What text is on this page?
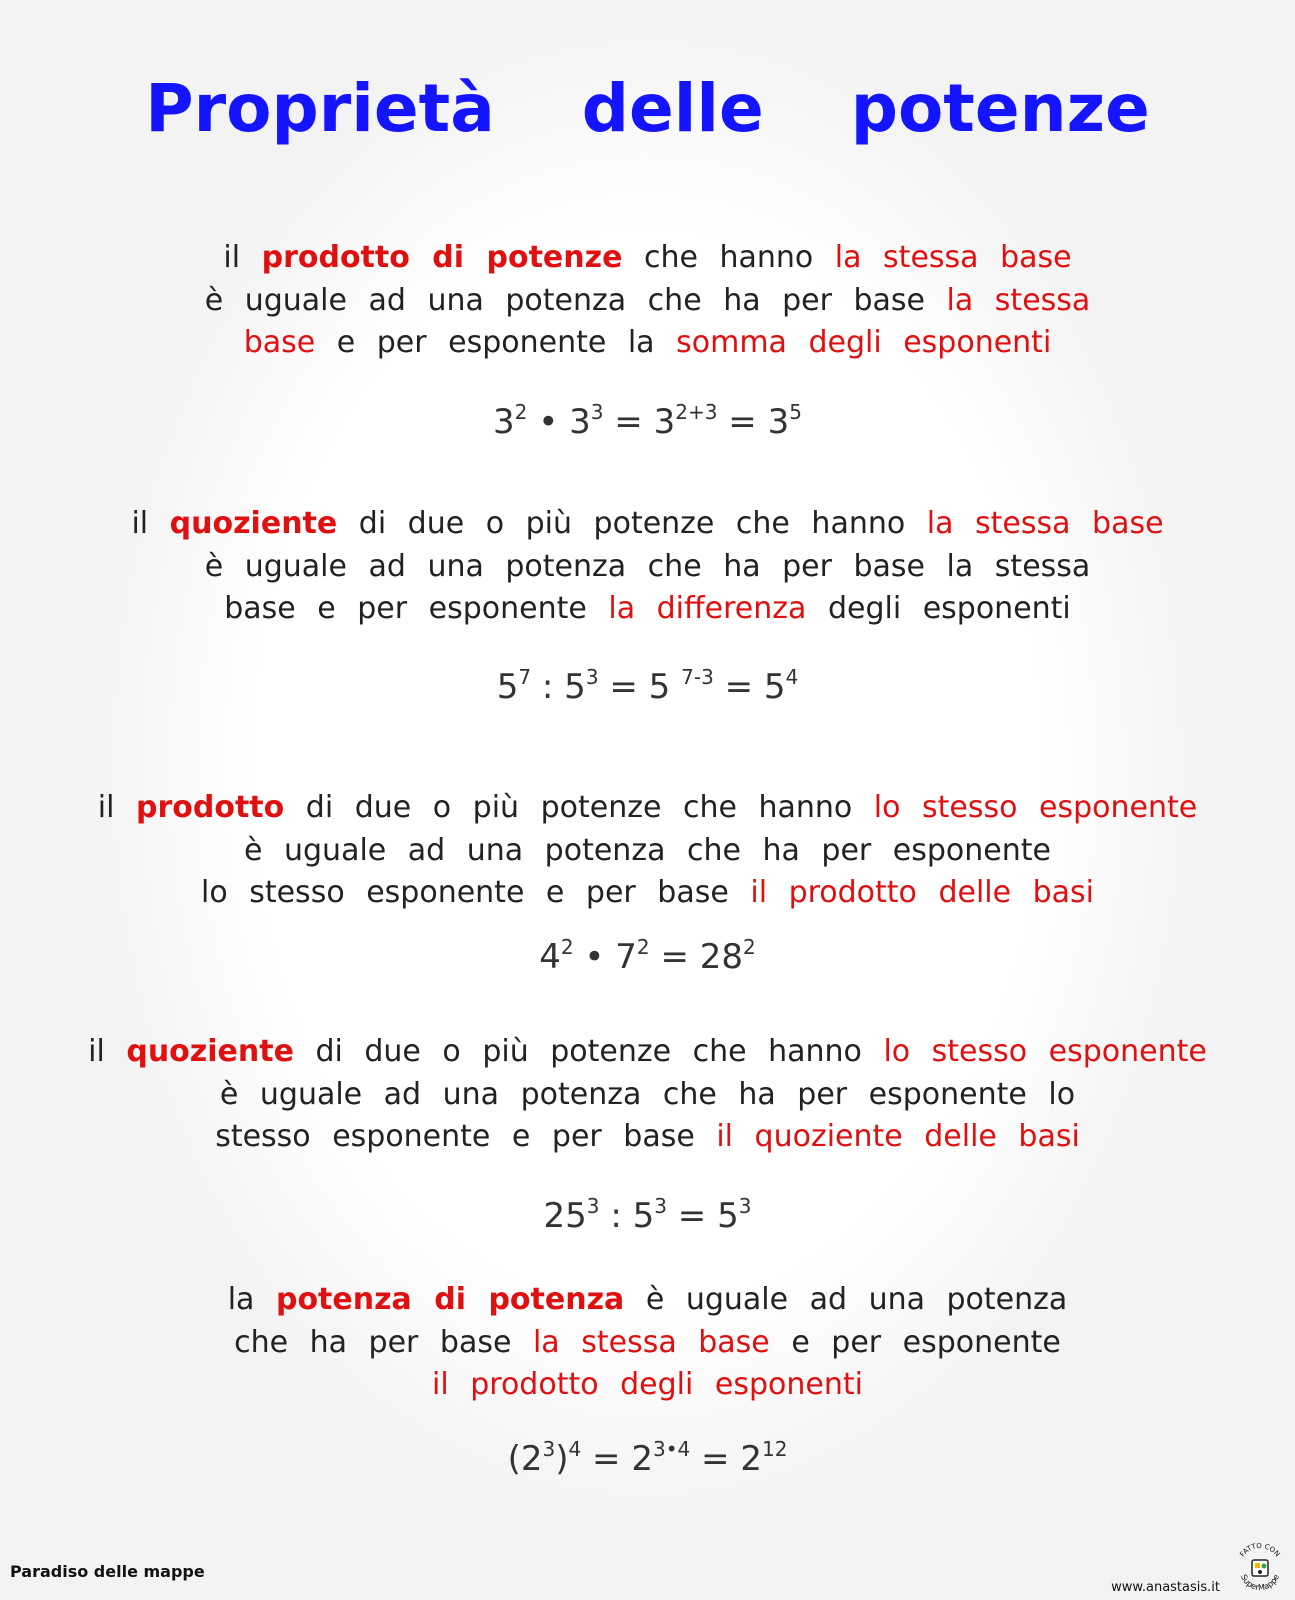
Proprietà delle potenze
il prodotto di potenze che hanno la stessa base
è uguale ad una potenza che ha per base la stessa
base e per esponente la somma degli esponenti
$3^2$ • $3^3 = 3^{2+3} = 3^5$
il quoziente di due o più potenze che hanno la stessa base
è uguale ad una potenza che ha per base la stessa
base e per esponente la differenza degli esponenti
$5^7$ : $5^3 = 5$ $^{7-3} = 5^4$
il prodotto di due o più potenze che hanno lo stesso esponente
è uguale ad una potenza che ha per esponente
lo stesso esponente e per base il prodotto delle basi
$4^2$ • $7^2 = 28^2$
il quoziente di due o più potenze che hanno lo stesso esponente
è uguale ad una potenza che ha per esponente lo
stesso esponente e per base il quoziente delle basi
$25^3$ : $5^3 = 5^3$
la potenza di potenza è uguale ad una potenza
che ha per base la stessa base e per esponente
il prodotto degli esponenti
$(2^3)^4 = 2^{3•4} = 2^{12}$
Paradiso delle mappe
www.anastasis.it
FATTO CON
SuperMappe
